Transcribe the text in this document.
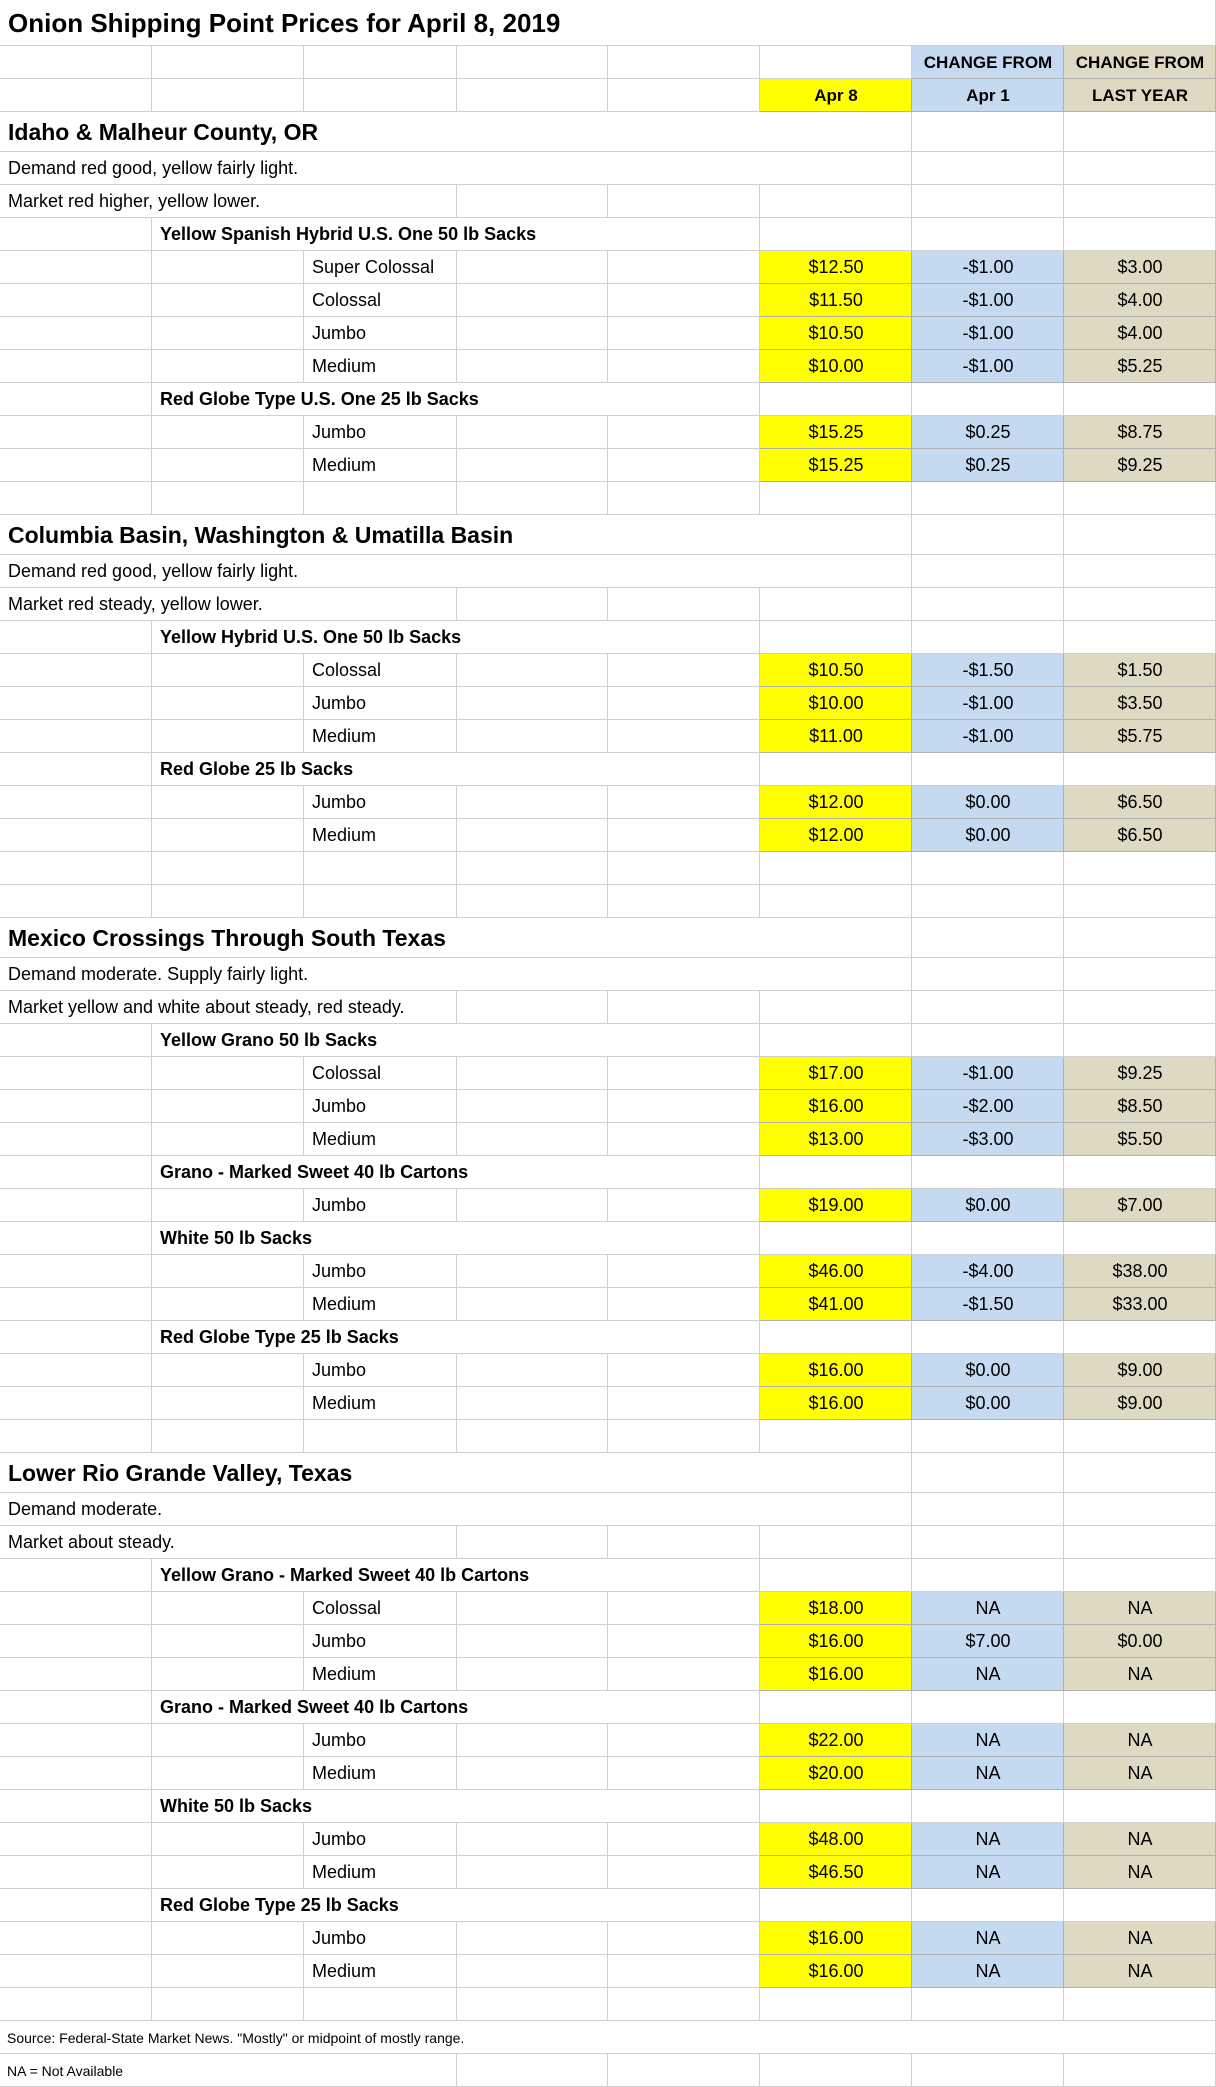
Onion Shipping Point Prices for April 8, 2019
CHANGE FROM	CHANGE FROM
Apr 8	Apr 1	LAST YEAR
Idaho & Malheur County, OR
Demand red good, yellow fairly light.
Market red higher, yellow lower.
Yellow Spanish Hybrid U.S. One 50 lb Sacks
Super Colossal	$12.50	-$1.00	$3.00
Colossal	$11.50	-$1.00	$4.00
Jumbo	$10.50	-$1.00	$4.00
Medium	$10.00	-$1.00	$5.25
Red Globe Type U.S. One 25 lb Sacks
Jumbo	$15.25	$0.25	$8.75
Medium	$15.25	$0.25	$9.25
Columbia Basin, Washington & Umatilla Basin
Demand red good, yellow fairly light.
Market red steady, yellow lower.
Yellow Hybrid U.S. One 50 lb Sacks
Colossal	$10.50	-$1.50	$1.50
Jumbo	$10.00	-$1.00	$3.50
Medium	$11.00	-$1.00	$5.75
Red Globe 25 lb Sacks
Jumbo	$12.00	$0.00	$6.50
Medium	$12.00	$0.00	$6.50
Mexico Crossings Through South Texas
Demand moderate. Supply fairly light.
Market yellow and white about steady, red steady.
Yellow Grano 50 lb Sacks
Colossal	$17.00	-$1.00	$9.25
Jumbo	$16.00	-$2.00	$8.50
Medium	$13.00	-$3.00	$5.50
Grano - Marked Sweet 40 lb Cartons
Jumbo	$19.00	$0.00	$7.00
White 50 lb Sacks
Jumbo	$46.00	-$4.00	$38.00
Medium	$41.00	-$1.50	$33.00
Red Globe Type 25 lb Sacks
Jumbo	$16.00	$0.00	$9.00
Medium	$16.00	$0.00	$9.00
Lower Rio Grande Valley, Texas
Demand moderate.
Market about steady.
Yellow Grano - Marked Sweet 40 lb Cartons
Colossal	$18.00	NA	NA
Jumbo	$16.00	$7.00	$0.00
Medium	$16.00	NA	NA
Grano - Marked Sweet 40 lb Cartons
Jumbo	$22.00	NA	NA
Medium	$20.00	NA	NA
White 50 lb Sacks
Jumbo	$48.00	NA	NA
Medium	$46.50	NA	NA
Red Globe Type 25 lb Sacks
Jumbo	$16.00	NA	NA
Medium	$16.00	NA	NA
Source: Federal-State Market News. "Mostly" or midpoint of mostly range.
NA = Not Available
